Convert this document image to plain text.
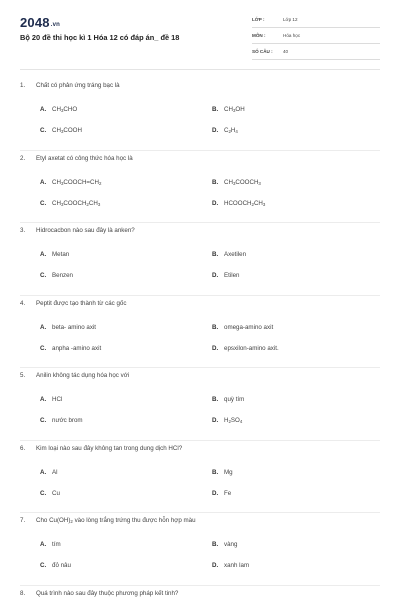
2048.vn
Bộ 20 đề thi học kì 1 Hóa 12 có đáp án_ đề 18
LỚP :	Lớp 12
MÔN :	Hóa học
SỐ CÂU : 40
1. Chất có phản ứng tráng bạc là
A. $CH_3CHO$	B. $CH_3OH$
C. $CH_3COOH$	D. $C_2H_4$
2. Etyl axetat có công thức hóa học là
A. $CH_3COOCH=CH_2$	B. $CH_3COOCH_3$
C. $CH_3COOCH_2CH_3$	D. $HCOOCH_2CH_3$
3. Hidrocacbon nào sau đây là anken?
A. Metan	B. Axetilen
C. Benzen	D. Etilen
4. Peptit được tạo thành từ các gốc
A. beta- amino axit	B. omega-amino axit
C. anpha -amino axit	D. epsxilon-amino axit.
5. Anilin không tác dụng hóa học với
A. HCl	B. quỳ tím
C. nước brom	D. $H_2SO_4$
6. Kim loại nào sau đây không tan trong dung dịch HCl?
A. Al	B. Mg
C. Cu	D. Fe
7. Cho $Cu(OH)_2$ vào lòng trắng trứng thu được hỗn hợp màu
A. tím	B. vàng
C. đỏ nâu	D. xanh lam
8. Quá trình nào sau đây thuộc phương pháp kết tinh?
